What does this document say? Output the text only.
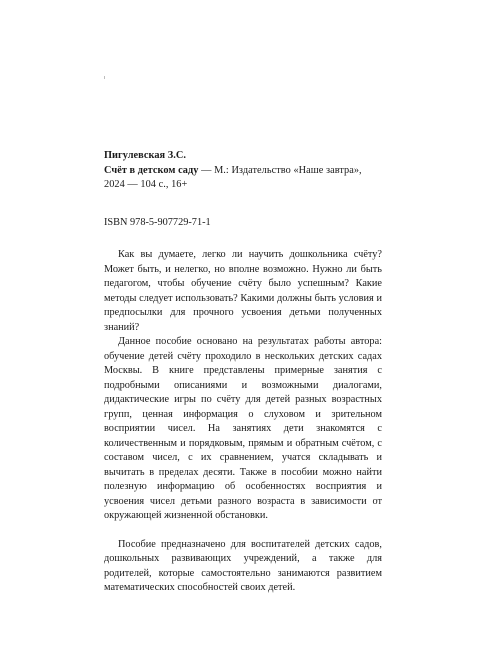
Пигулевская З.С.
Счёт в детском саду — М.: Издательство «Наше завтра»,
2024 — 104 с., 16+
ISBN 978-5-907729-71-1

Как вы думаете, легко ли научить дошкольника счёту? Может быть, и нелегко, но вполне возможно. Нужно ли быть педагогом, чтобы обучение счёту было успешным? Какие методы следует использовать? Какими должны быть условия и предпосылки для прочного усвоения детьми полученных знаний?

Данное пособие основано на результатах работы автора: обучение детей счёту проходило в нескольких детских садах Москвы. В книге представлены примерные занятия с подробными описаниями и возможными диалогами, дидактические игры по счёту для детей разных возрастных групп, ценная информация о слуховом и зрительном восприятии чисел. На занятиях дети знакомятся с количественным и порядковым, прямым и обратным счётом, с составом чисел, с их сравнением, учатся складывать и вычитать в пределах десяти. Также в пособии можно найти полезную информацию об особенностях восприятия и усвоения чисел детьми разного возраста в зависимости от окружающей жизненной обстановки.

Пособие предназначено для воспитателей детских садов, дошкольных развивающих учреждений, а также для родителей, которые самостоятельно занимаются развитием математических способностей своих детей.
